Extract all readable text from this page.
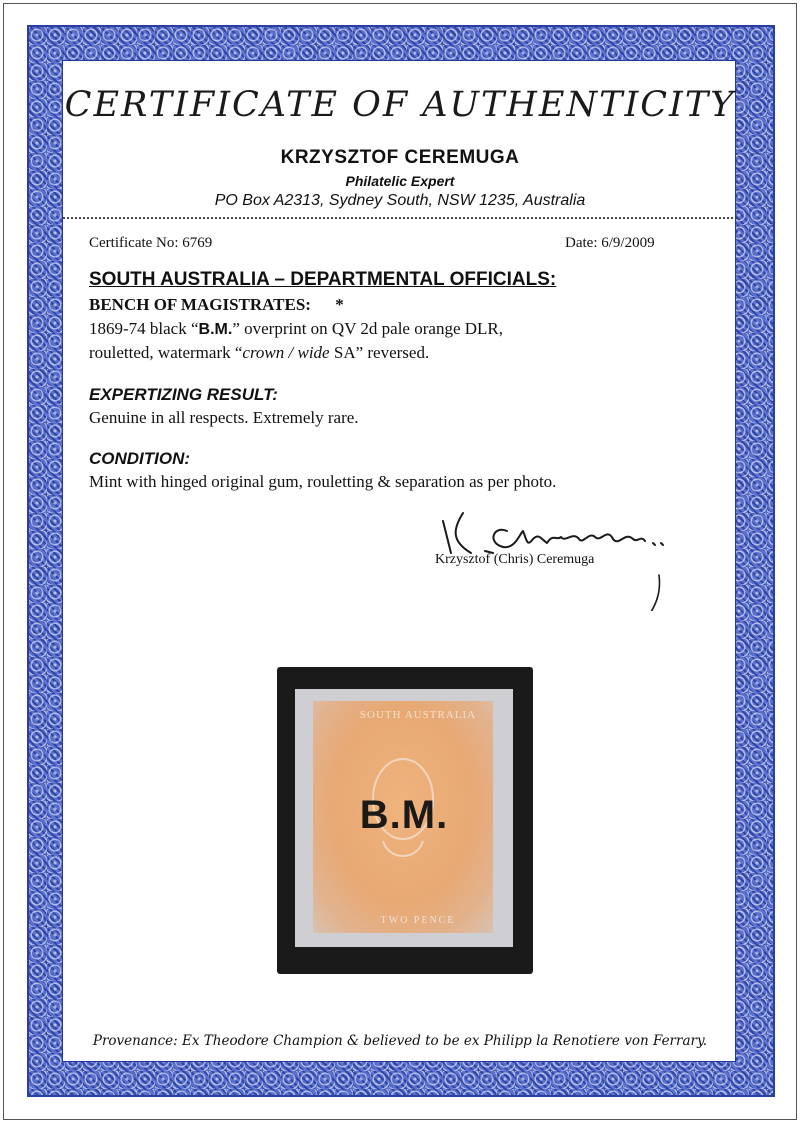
CERTIFICATE OF AUTHENTICITY
KRZYSZTOF CEREMUGA
Philatelic Expert
PO Box A2313, Sydney South, NSW 1235, Australia
Certificate No: 6769	Date: 6/9/2009
SOUTH AUSTRALIA – DEPARTMENTAL OFFICIALS:
BENCH OF MAGISTRATES: *
1869-74 black “B.M.” overprint on QV 2d pale orange DLR,
rouletted, watermark “crown / wide SA” reversed.
EXPERTIZING RESULT:
Genuine in all respects. Extremely rare.
CONDITION:
Mint with hinged original gum, rouletting & separation as per photo.
Krzysztof (Chris) Ceremuga
SOUTH AUSTRALIA
TWO PENCE
B.M.
Provenance: Ex Theodore Champion & believed to be ex Philipp la Renotiere von Ferrary.
